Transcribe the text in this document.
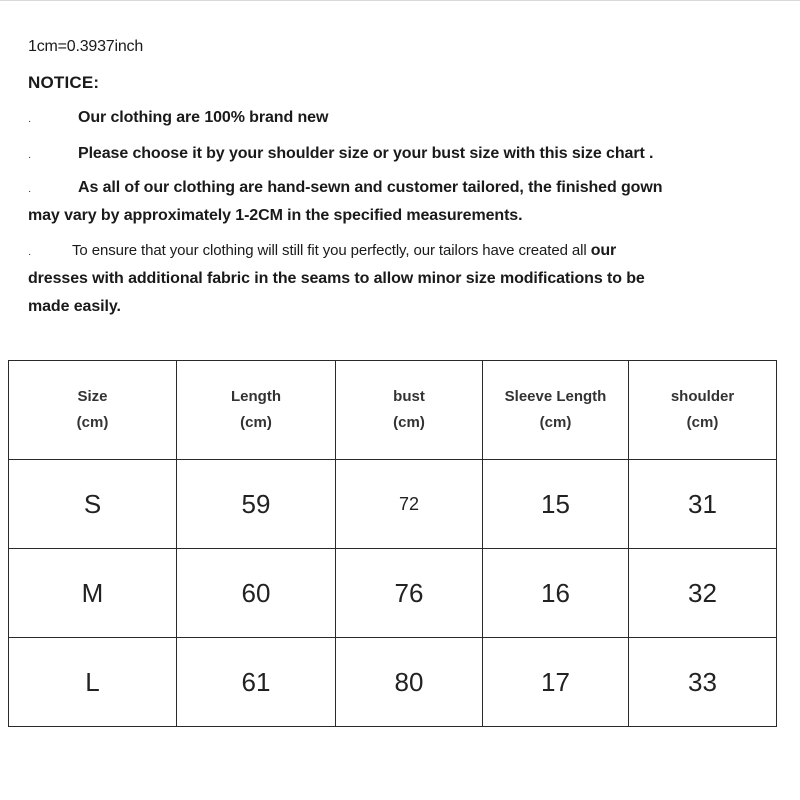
1cm=0.3937inch
NOTICE:
·	Our clothing are 100% brand new
·	Please choose it by your shoulder size or your bust size with this size chart .
·	As all of our clothing are hand-sewn and customer tailored, the finished gown
may vary by approximately 1-2CM in the specified measurements.
·	To ensure that your clothing will still fit you perfectly, our tailors have created all our
dresses with additional fabric in the seams to allow minor size modifications to be
made easily.
Size
(cm)	Length
(cm)	bust
(cm)	Sleeve Length
(cm)	shoulder
(cm)

S	59	72	15	31
M	60	76	16	32
L	61	80	17	33
